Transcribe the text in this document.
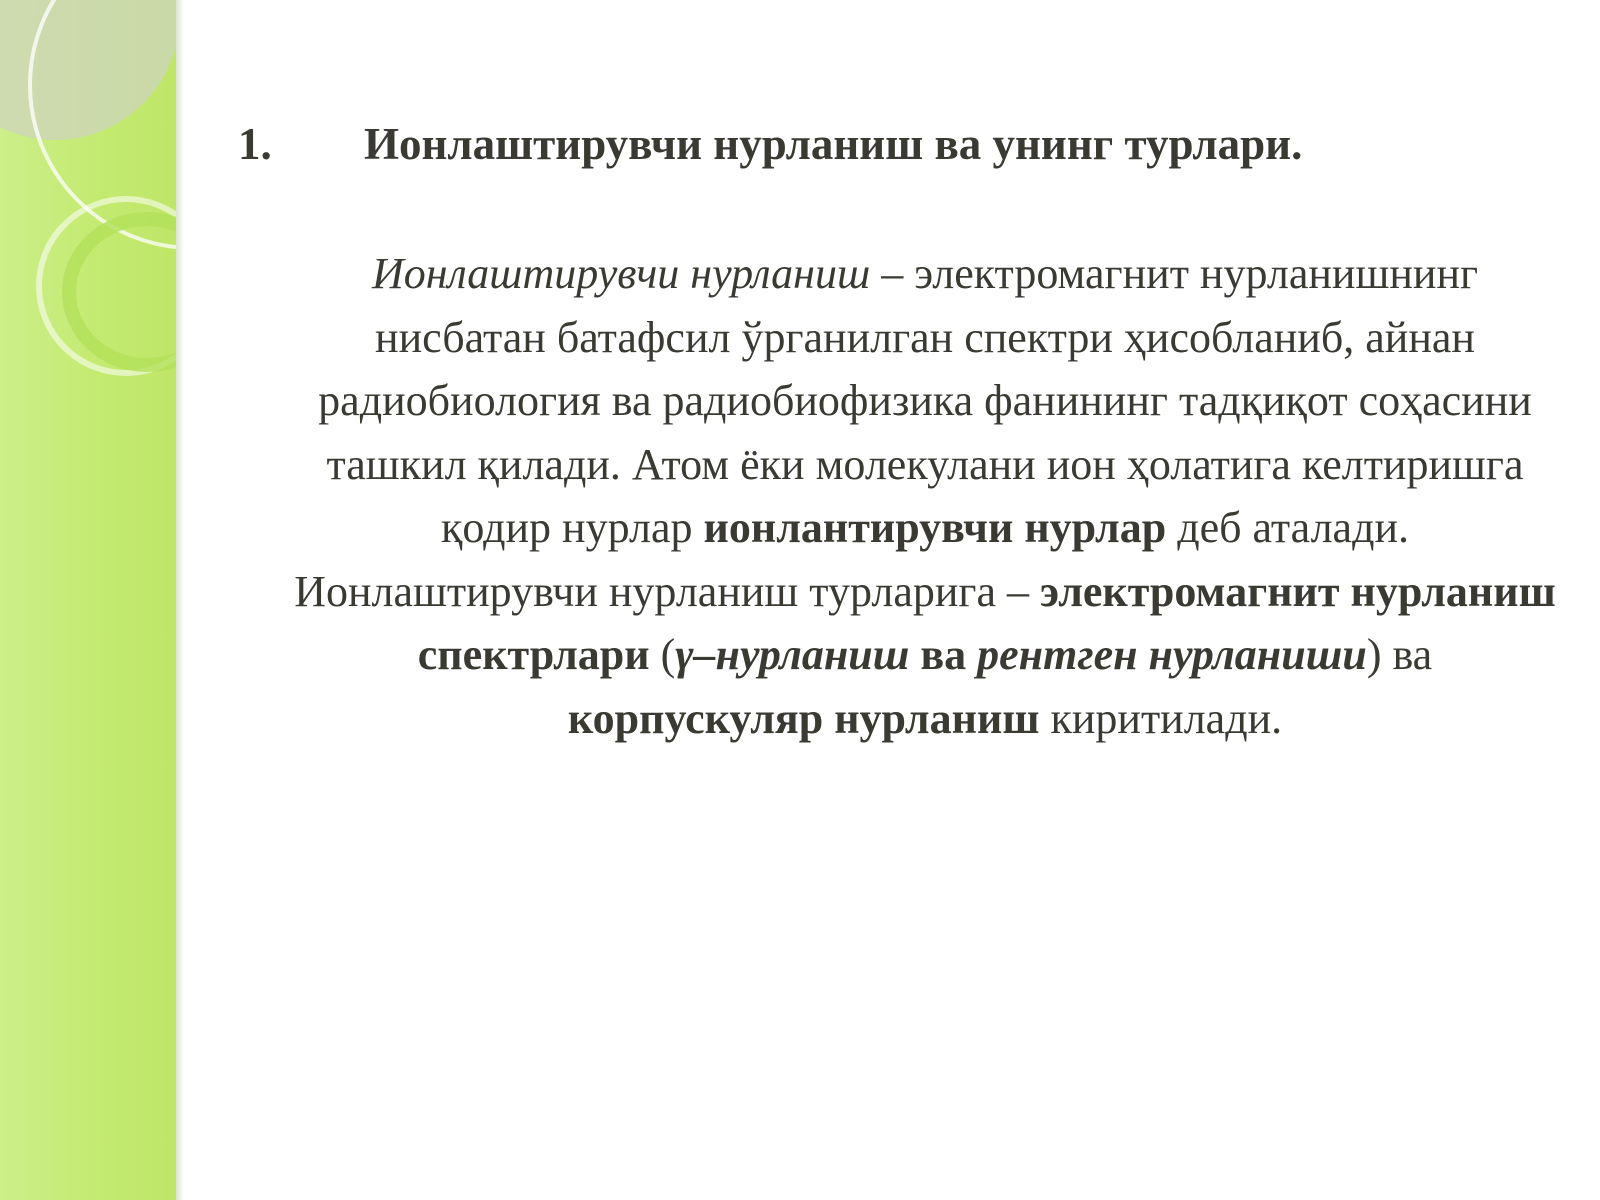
1. Ионлаштирувчи нурланиш ва унинг турлари.

Ионлаштирувчи нурланиш – электромагнит нурланишнинг нисбатан батафсил ўрганилган спектри ҳисобланиб, айнан радиобиология ва радиобиофизика фанининг тадқиқот соҳасини ташкил қилади. Атом ёки молекулани ион ҳолатига келтиришга қодир нурлар ионлантирувчи нурлар деб аталади.

Ионлаштирувчи нурланиш турларига – электромагнит нурланиш спектрлари (γ–нурланиш ва рентген нурланиши) ва корпускуляр нурланиш киритилади.
